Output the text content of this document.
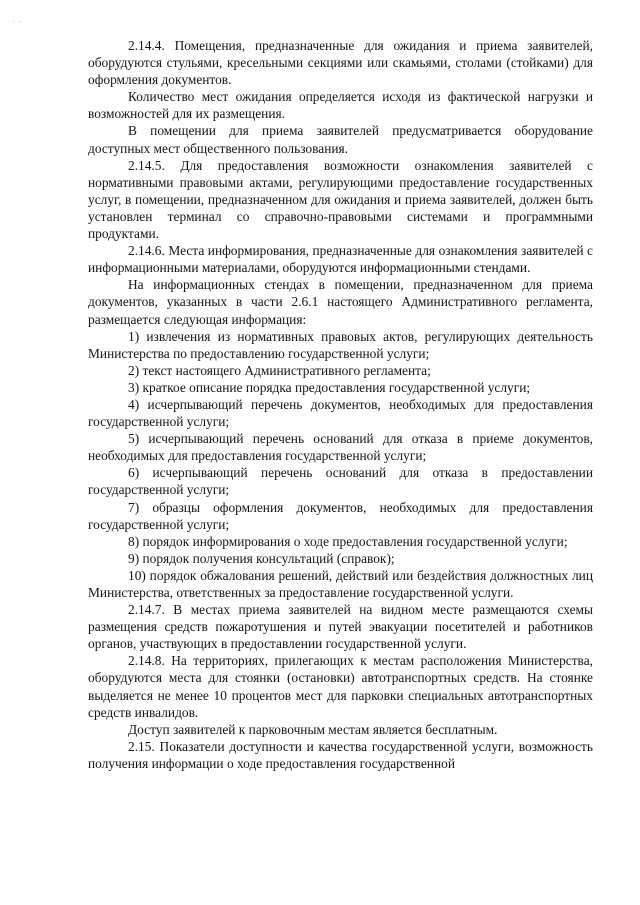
˙ ˊ

2.14.4. Помещения, предназначенные для ожидания и приема заявителей, оборудуются стульями, кресельными секциями или скамьями, столами (стойками) для оформления документов.

Количество мест ожидания определяется исходя из фактической нагрузки и возможностей для их размещения.

В помещении для приема заявителей предусматривается оборудование доступных мест общественного пользования.

2.14.5. Для предоставления возможности ознакомления заявителей с нормативными правовыми актами, регулирующими предоставление государственных услуг, в помещении, предназначенном для ожидания и приема заявителей, должен быть установлен терминал со справочно-правовыми системами и программными продуктами.

2.14.6. Места информирования, предназначенные для ознакомления заявителей с информационными материалами, оборудуются информационными стендами.

На информационных стендах в помещении, предназначенном для приема документов, указанных в части 2.6.1 настоящего Административного регламента, размещается следующая информация:

1) извлечения из нормативных правовых актов, регулирующих деятельность Министерства по предоставлению государственной услуги;

2) текст настоящего Административного регламента;

3) краткое описание порядка предоставления государственной услуги;

4) исчерпывающий перечень документов, необходимых для предоставления государственной услуги;

5) исчерпывающий перечень оснований для отказа в приеме документов, необходимых для предоставления государственной услуги;

6) исчерпывающий перечень оснований для отказа в предоставлении государственной услуги;

7) образцы оформления документов, необходимых для предоставления государственной услуги;

8) порядок информирования о ходе предоставления государственной услуги;

9) порядок получения консультаций (справок);

10) порядок обжалования решений, действий или бездействия должностных лиц Министерства, ответственных за предоставление государственной услуги.

2.14.7. В местах приема заявителей на видном месте размещаются схемы размещения средств пожаротушения и путей эвакуации посетителей и работников органов, участвующих в предоставлении государственной услуги.

2.14.8. На территориях, прилегающих к местам расположения Министерства, оборудуются места для стоянки (остановки) автотранспортных средств. На стоянке выделяется не менее 10 процентов мест для парковки специальных автотранспортных средств инвалидов.

Доступ заявителей к парковочным местам является бесплатным.

2.15. Показатели доступности и качества государственной услуги, возможность получения информации о ходе предоставления государственной
